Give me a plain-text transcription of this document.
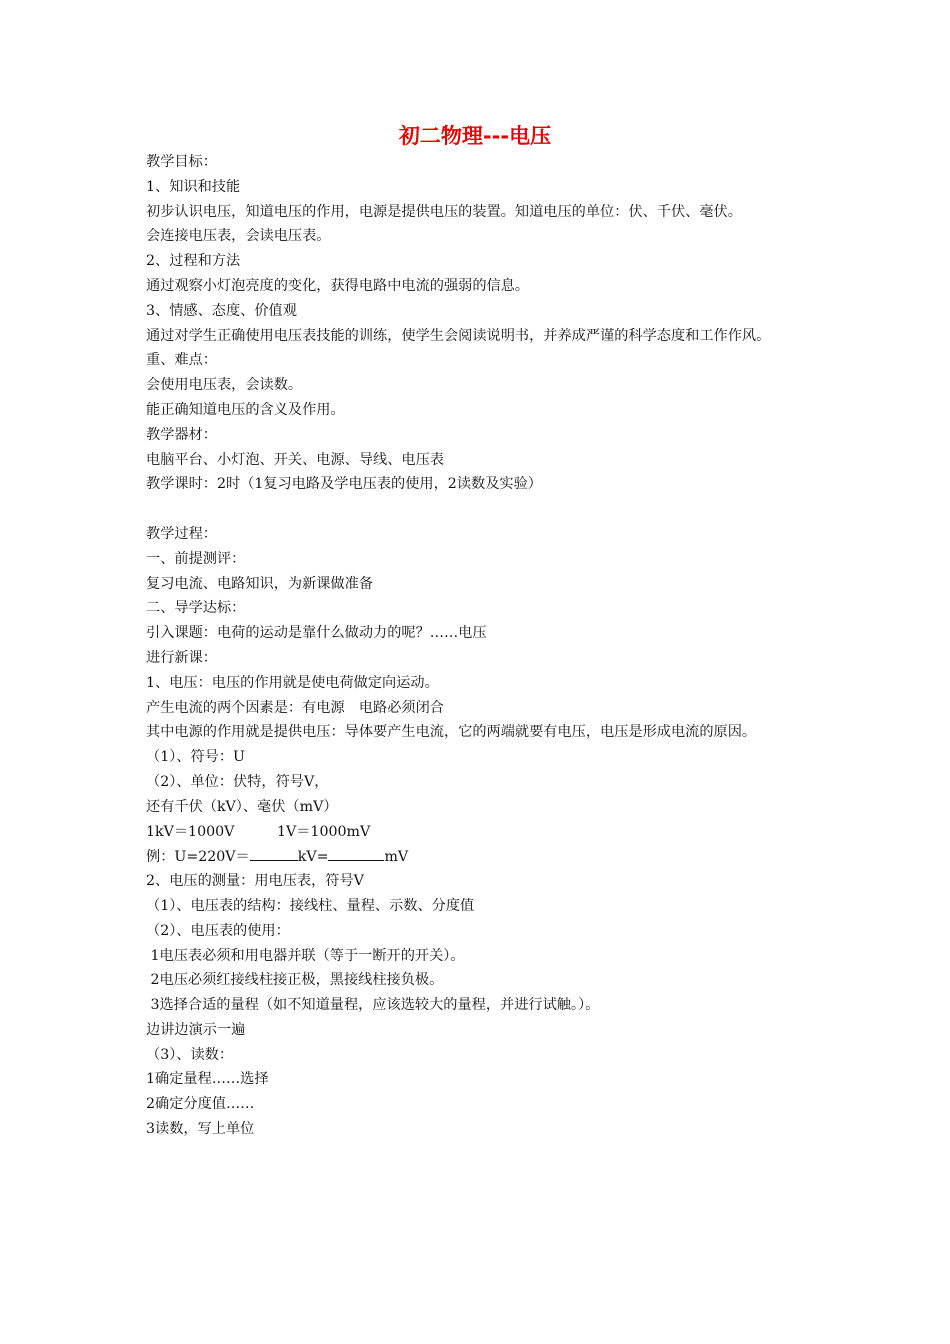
初二物理---电压
教学目标：
1、知识和技能
初步认识电压，知道电压的作用，电源是提供电压的装置。知道电压的单位：伏、千伏、毫伏。
会连接电压表，会读电压表。
2、过程和方法
通过观察小灯泡亮度的变化，获得电路中电流的强弱的信息。
3、情感、态度、价值观
通过对学生正确使用电压表技能的训练，使学生会阅读说明书，并养成严谨的科学态度和工作作风。
重、难点：
会使用电压表，会读数。
能正确知道电压的含义及作用。
教学器材：
电脑平台、小灯泡、开关、电源、导线、电压表
教学课时：2时（1复习电路及学电压表的使用，2读数及实验）
教学过程：
一、前提测评：
复习电流、电路知识，为新课做准备
二、导学达标：
引入课题：电荷的运动是靠什么做动力的呢？……电压
进行新课：
1、电压：电压的作用就是使电荷做定向运动。
产生电流的两个因素是：有电源　电路必须闭合
其中电源的作用就是提供电压：导体要产生电流，它的两端就要有电压，电压是形成电流的原因。
（1）、符号：U
（2）、单位：伏特，符号V，
还有千伏（kV）、毫伏（mV）
1kV＝1000V　　　1V＝1000mV
例：U=220V＝	kV=	mV
2、电压的测量：用电压表，符号V
（1）、电压表的结构：接线柱、量程、示数、分度值
（2）、电压表的使用：
1电压表必须和用电器并联（等于一断开的开关）。
2电压必须红接线柱接正极，黑接线柱接负极。
3选择合适的量程（如不知道量程，应该选较大的量程，并进行试触。）。
边讲边演示一遍
（3）、读数：
1确定量程……选择
2确定分度值……
3读数，写上单位
